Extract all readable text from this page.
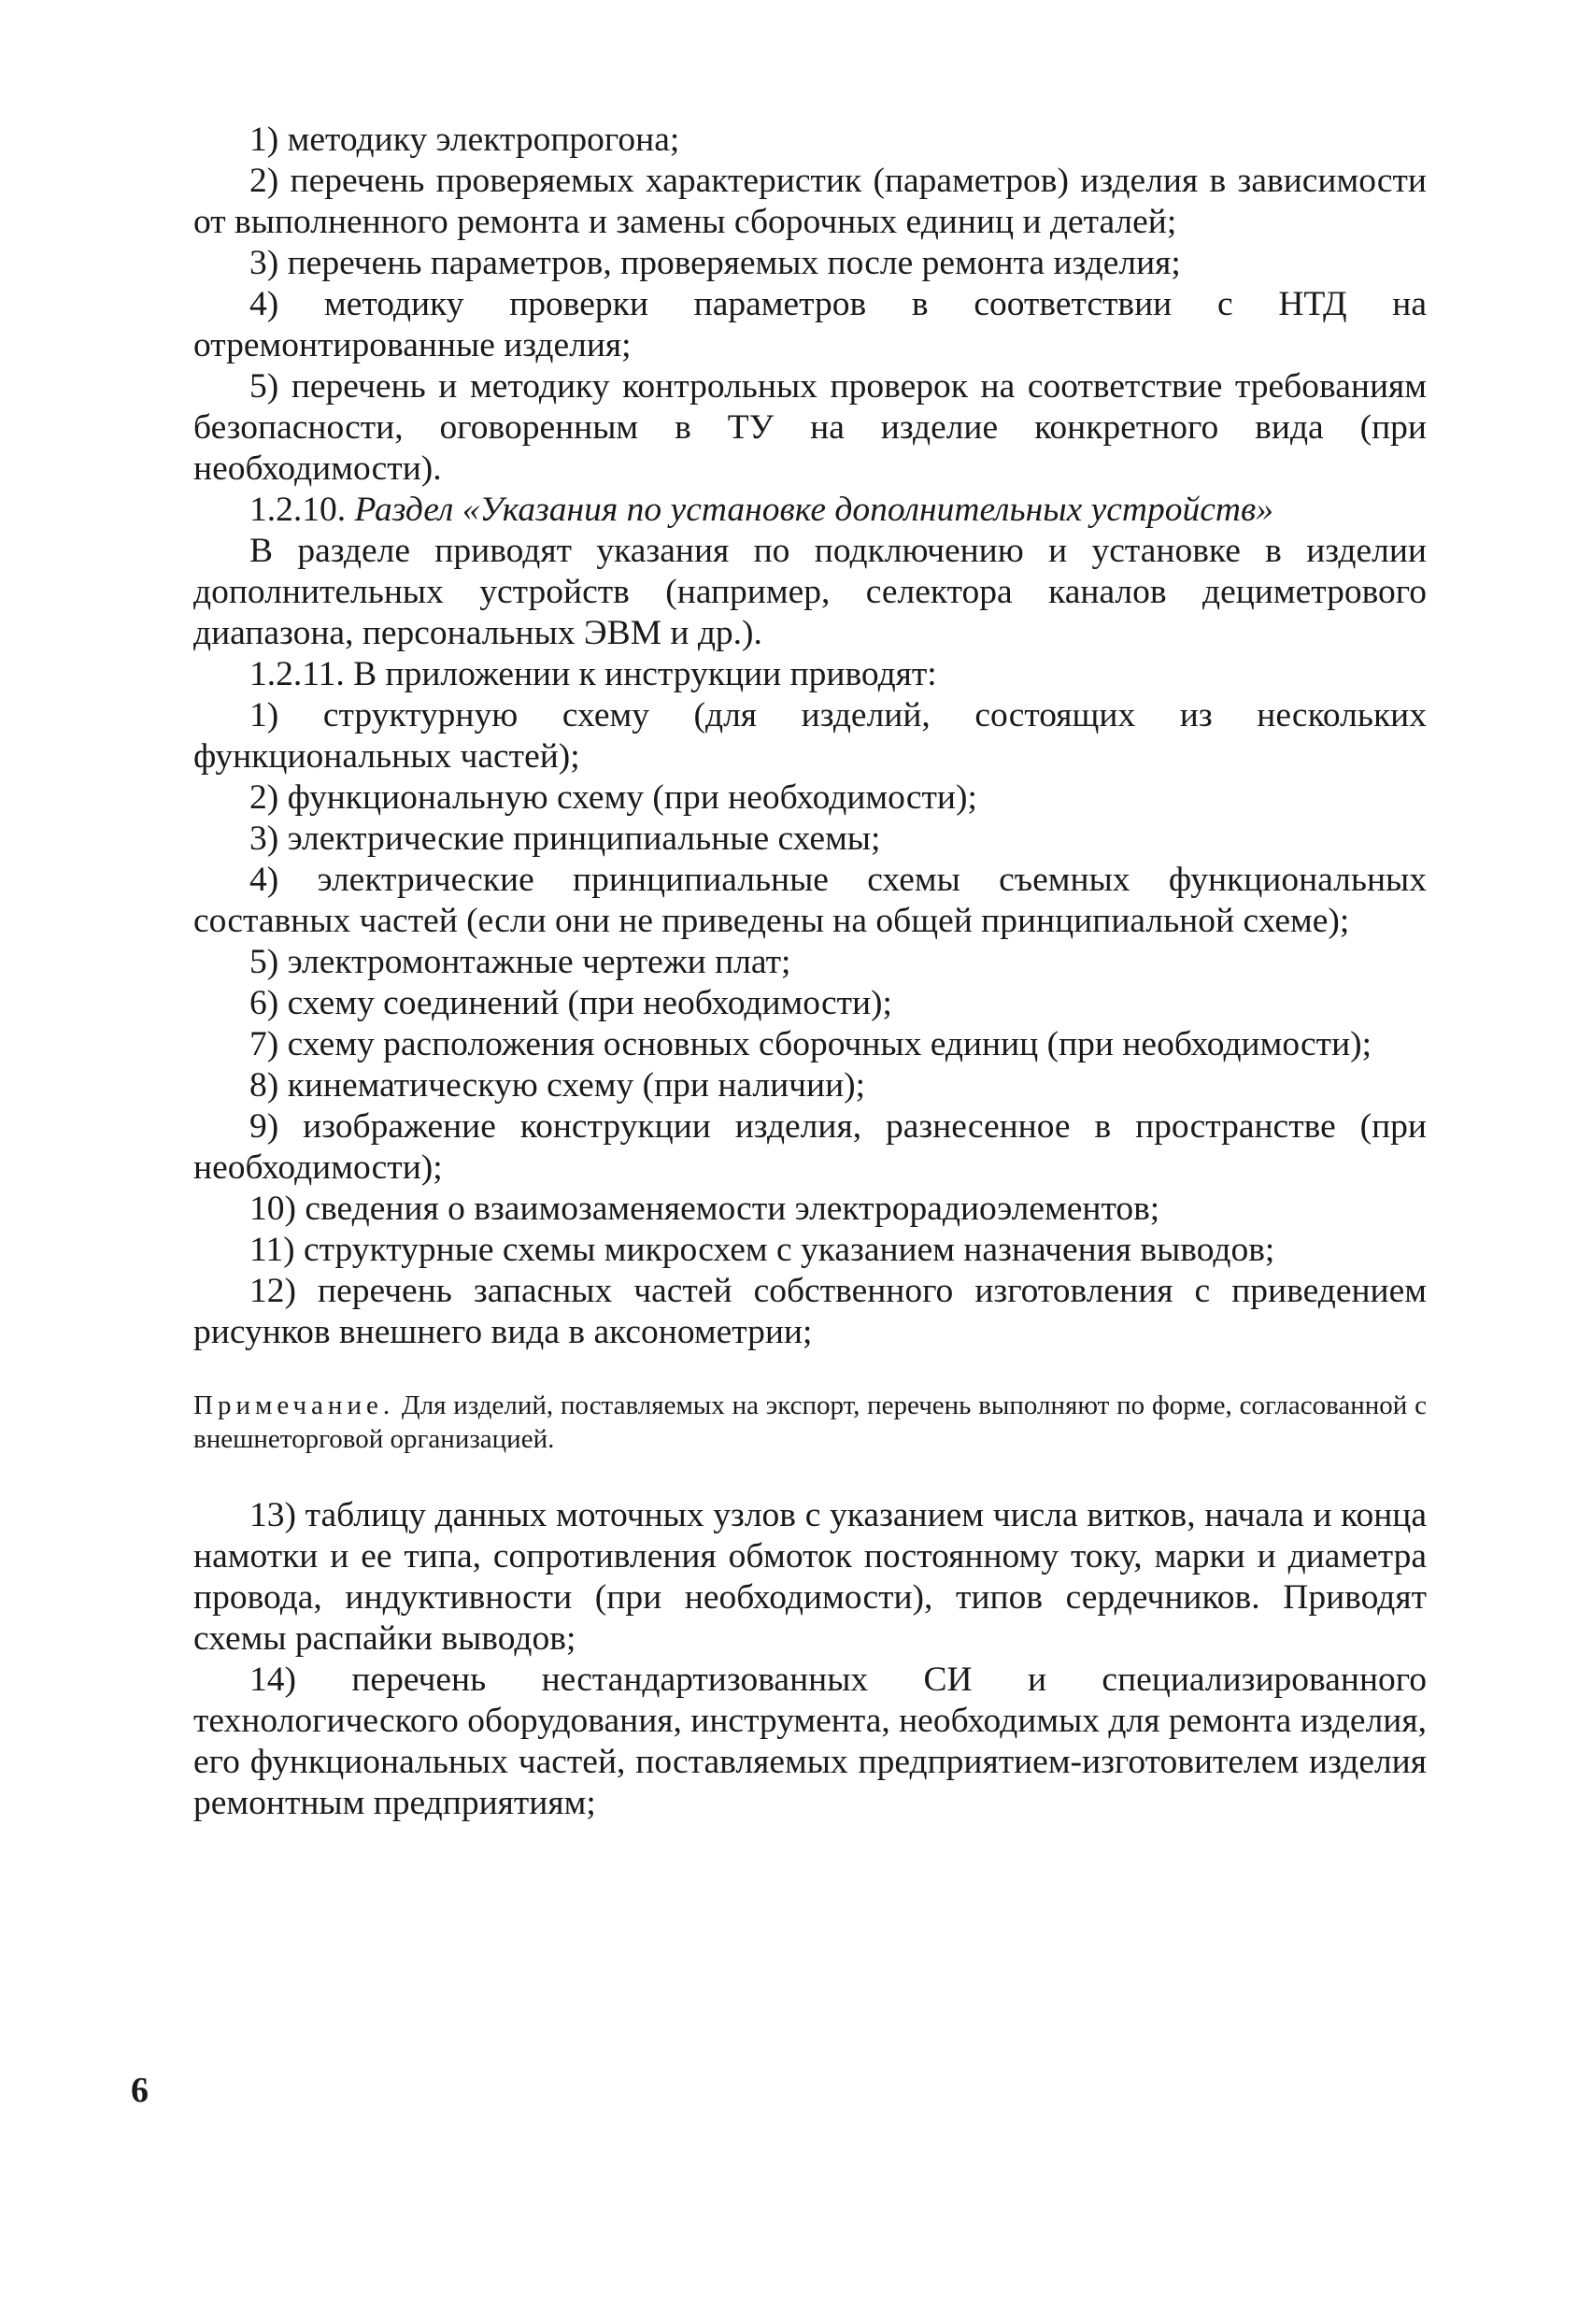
1) методику электропрогона;

2) перечень проверяемых характеристик (параметров) изделия в зависимости от выполненного ремонта и замены сборочных единиц и деталей;

3) перечень параметров, проверяемых после ремонта изделия;

4) методику проверки параметров в соответствии с НТД на отремонтированные изделия;

5) перечень и методику контрольных проверок на соответствие требованиям безопасности, оговоренным в ТУ на изделие конкретного вида (при необходимости).

1.2.10. Раздел «Указания по установке дополнительных устройств»

В разделе приводят указания по подключению и установке в изделии дополнительных устройств (например, селектора каналов дециметрового диапазона, персональных ЭВМ и др.).

1.2.11. В приложении к инструкции приводят:

1) структурную схему (для изделий, состоящих из нескольких функциональных частей);

2) функциональную схему (при необходимости);

3) электрические принципиальные схемы;

4) электрические принципиальные схемы съемных функциональных составных частей (если они не приведены на общей принципиальной схеме);

5) электромонтажные чертежи плат;

6) схему соединений (при необходимости);

7) схему расположения основных сборочных единиц (при необходимости);

8) кинематическую схему (при наличии);

9) изображение конструкции изделия, разнесенное в пространстве (при необходимости);

10) сведения о взаимозаменяемости электрорадиоэлементов;

11) структурные схемы микросхем с указанием назначения выводов;

12) перечень запасных частей собственного изготовления с приведением рисунков внешнего вида в аксонометрии;

Примечание. Для изделий, поставляемых на экспорт, перечень выполняют по форме, согласованной с внешнеторговой организацией.

13) таблицу данных моточных узлов с указанием числа витков, начала и конца намотки и ее типа, сопротивления обмоток постоянному току, марки и диаметра провода, индуктивности (при необходимости), типов сердечников. Приводят схемы распайки выводов;

14) перечень нестандартизованных СИ и специализированного технологического оборудования, инструмента, необходимых для ремонта изделия, его функциональных частей, поставляемых предприятием-изготовителем изделия ремонтным предприятиям;

6
